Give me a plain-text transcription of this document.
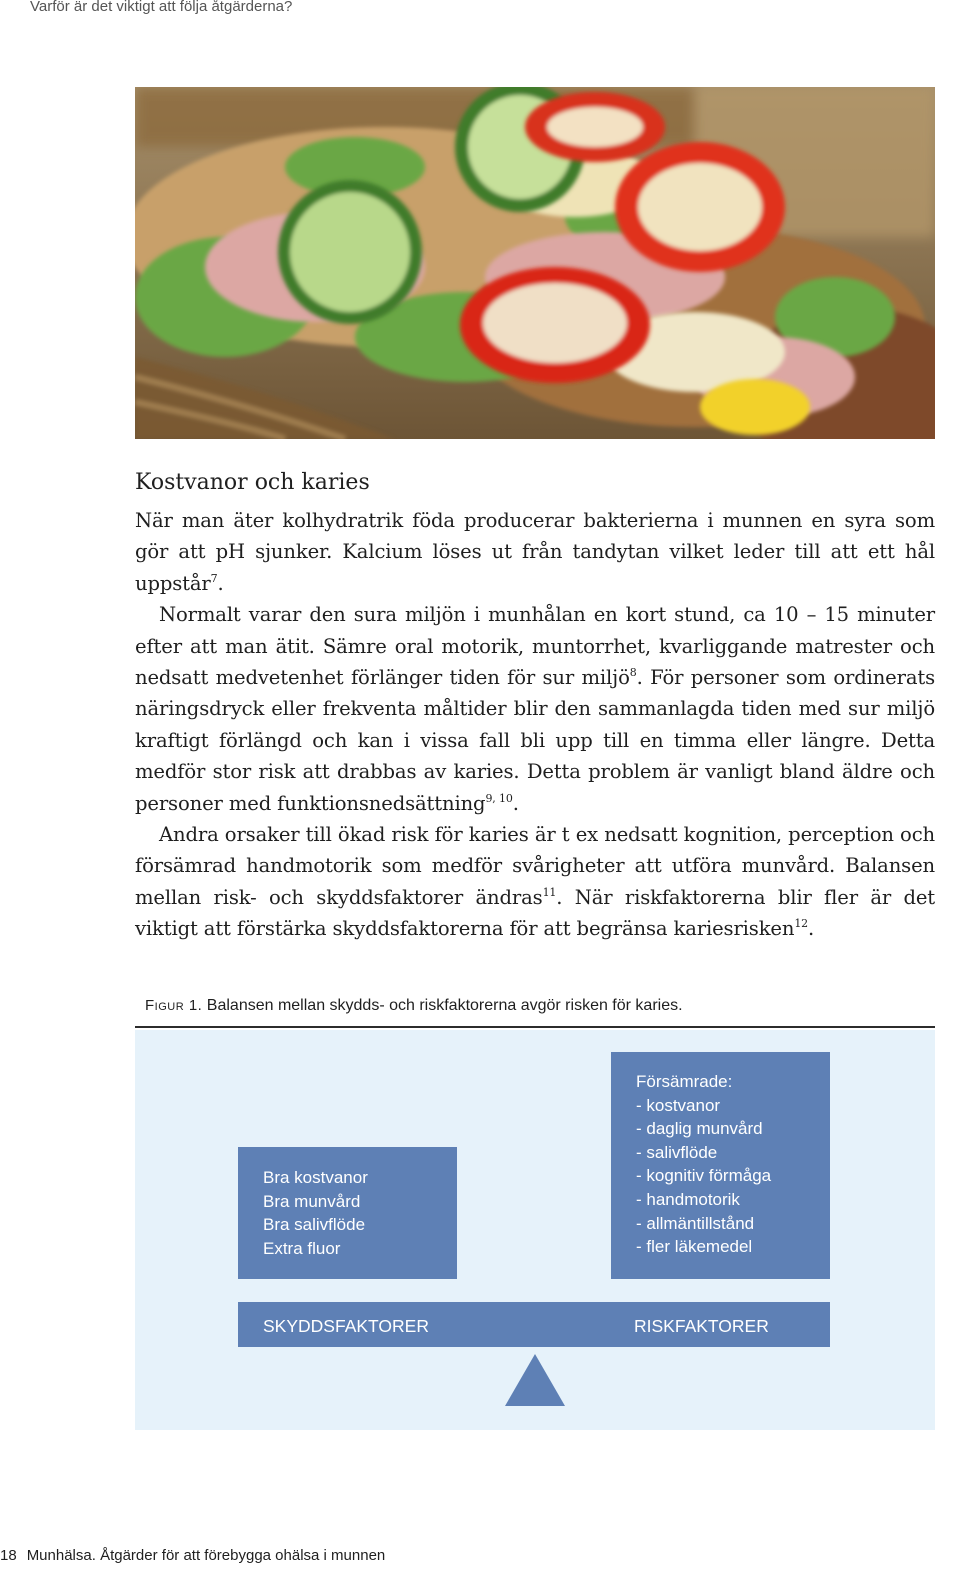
Varför är det viktigt att följa åtgärderna?
Kostvanor och karies

När man äter kolhydratrik föda producerar bakterierna i munnen en syra som gör att pH sjunker. Kalcium löses ut från tandytan vilket leder till att ett hål uppstår$^7$.

Normalt varar den sura miljön i munhålan en kort stund, ca 10 – 15 minuter efter att man ätit. Sämre oral motorik, muntorrhet, kvarliggande matrester och nedsatt medvetenhet förlänger tiden för sur miljö$^8$. För personer som ordinerats näringsdryck eller frekventa måltider blir den sammanlagda tiden med sur miljö kraftigt förlängd och kan i vissa fall bli upp till en timma eller längre. Detta medför stor risk att drabbas av karies. Detta problem är vanligt bland äldre och personer med funktionsnedsättning$^{9, 10}$.

Andra orsaker till ökad risk för karies är t ex nedsatt kognition, perception och försämrad handmotorik som medför svårigheter att utföra munvård. Balansen mellan risk- och skyddsfaktorer ändras$^{11}$. När riskfaktorerna blir fler är det viktigt att förstärka skyddsfaktorerna för att begränsa kariesrisken$^{12}$.

Figur 1. Balansen mellan skydds- och riskfaktorerna avgör risken för karies.
Bra kostvanor
Bra munvård
Bra salivflöde
Extra fluor
Försämrade:
- kostvanor
- daglig munvård
- salivflöde
- kognitiv förmåga
- handmotorik
- allmäntillstånd
- fler läkemedel
SKYDDSFAKTORER	RISKFAKTORER
18 Munhälsa. Åtgärder för att förebygga ohälsa i munnen
